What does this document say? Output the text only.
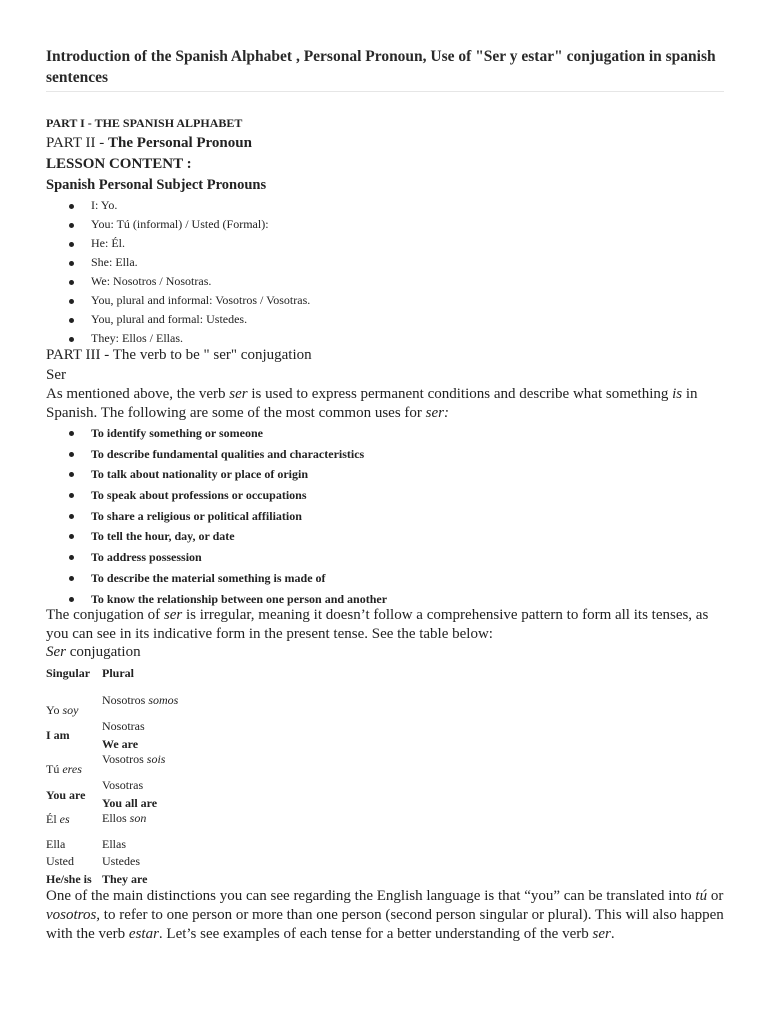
Introduction of the Spanish Alphabet , Personal Pronoun, Use of "Ser y estar" conjugation in spanish sentences
PART I - THE SPANISH ALPHABET
PART II - The Personal Pronoun
LESSON CONTENT :
Spanish Personal Subject Pronouns
I: Yo.
You: Tú (informal) / Usted (Formal):
He: Él.
She: Ella.
We: Nosotros / Nosotras.
You, plural and informal: Vosotros / Vosotras.
You, plural and formal: Ustedes.
They: Ellos / Ellas.
PART III - The verb to be " ser" conjugation
Ser
As mentioned above, the verb ser is used to express permanent conditions and describe what something is in Spanish. The following are some of the most common uses for ser:
To identify something or someone
To describe fundamental qualities and characteristics
To talk about nationality or place of origin
To speak about professions or occupations
To share a religious or political affiliation
To tell the hour, day, or date
To address possession
To describe the material something is made of
To know the relationship between one person and another
The conjugation of ser is irregular, meaning it doesn’t follow a comprehensive pattern to form all its tenses, as you can see in its indicative form in the present tense. See the table below:
Ser conjugation
Singular Plural
Yo soy
I am
Tú eres
You are
Él es
Ella
Usted
He/she is
Nosotros somos
Nosotras
We are
Vosotros sois
Vosotras
You all are
Ellos son
Ellas
Ustedes
They are
One of the main distinctions you can see regarding the English language is that “you” can be translated into tú or vosotros, to refer to one person or more than one person (second person singular or plural). This will also happen with the verb estar. Let’s see examples of each tense for a better understanding of the verb ser.
